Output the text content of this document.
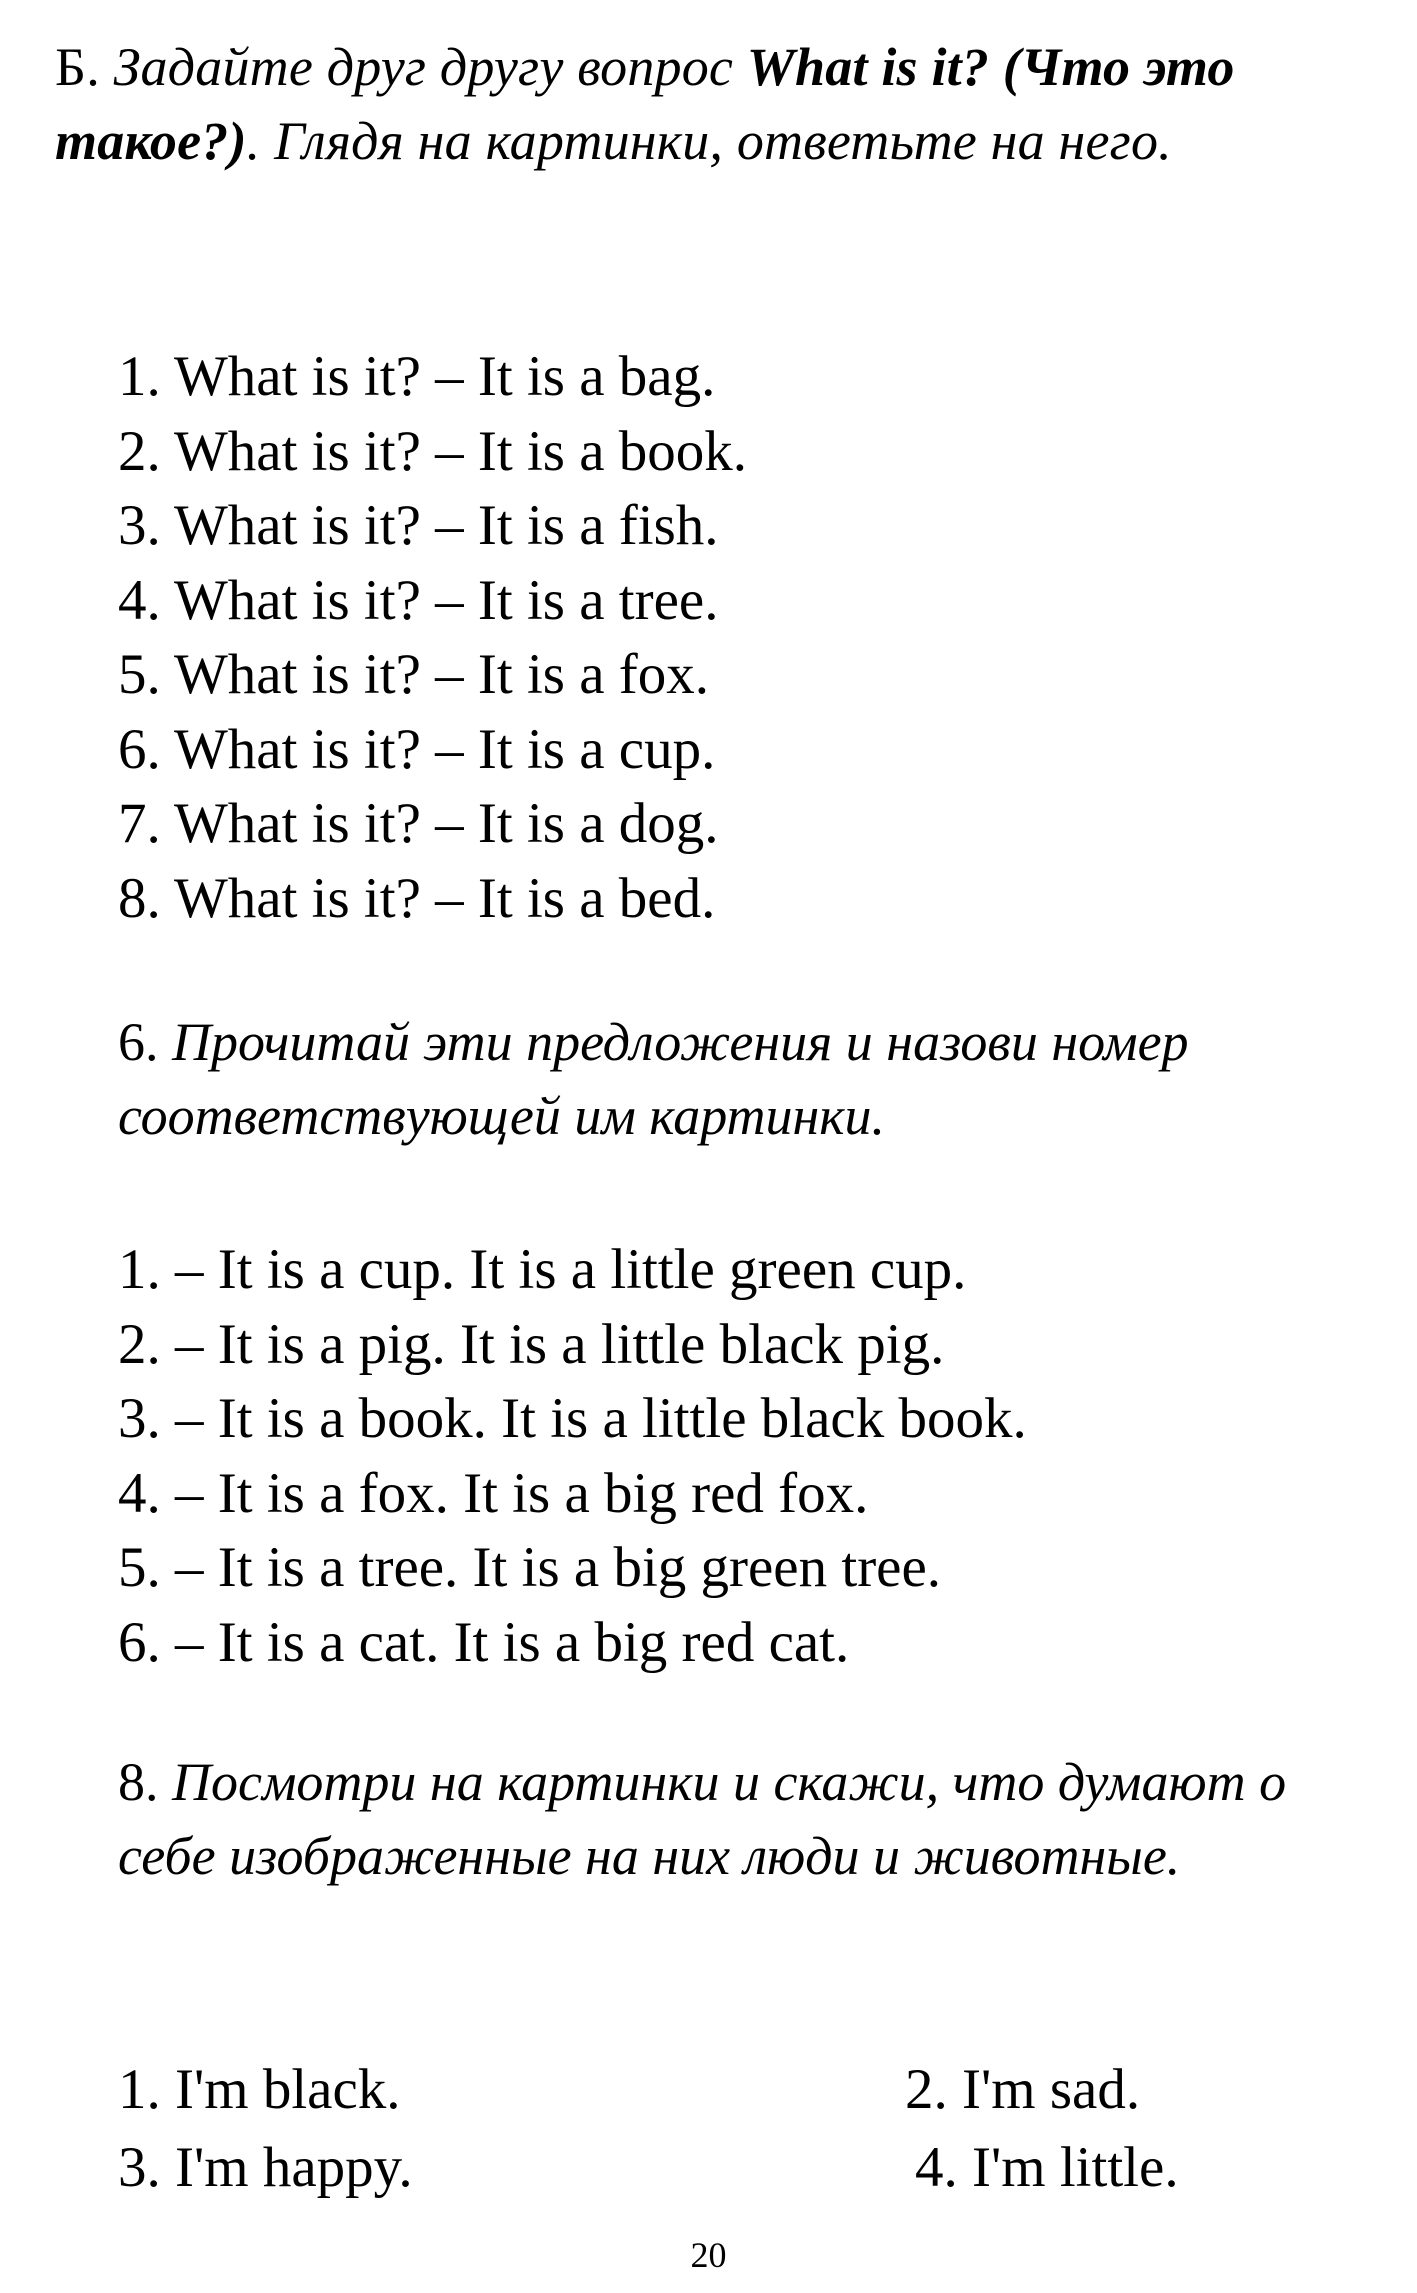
Б. Задайте друг другу вопрос What is it? (Что это такое?). Глядя на картинки, ответьте на него.

1. What is it? – It is a bag.
2. What is it? – It is a book.
3. What is it? – It is a fish.
4. What is it? – It is a tree.
5. What is it? – It is a fox.
6. What is it? – It is a cup.
7. What is it? – It is a dog.
8. What is it? – It is a bed.

6. Прочитай эти предложения и назови номер соответствующей им картинки.

1. – It is a cup. It is a little green cup.
2. – It is a pig. It is a little black pig.
3. – It is a book. It is a little black book.
4. – It is a fox. It is a big red fox.
5. – It is a tree. It is a big green tree.
6. – It is a cat. It is a big red cat.

8. Посмотри на картинки и скажи, что думают о себе изображенные на них люди и животные.

1. I'm black.	2. I'm sad.
3. I'm happy.	4. I'm little.
20
